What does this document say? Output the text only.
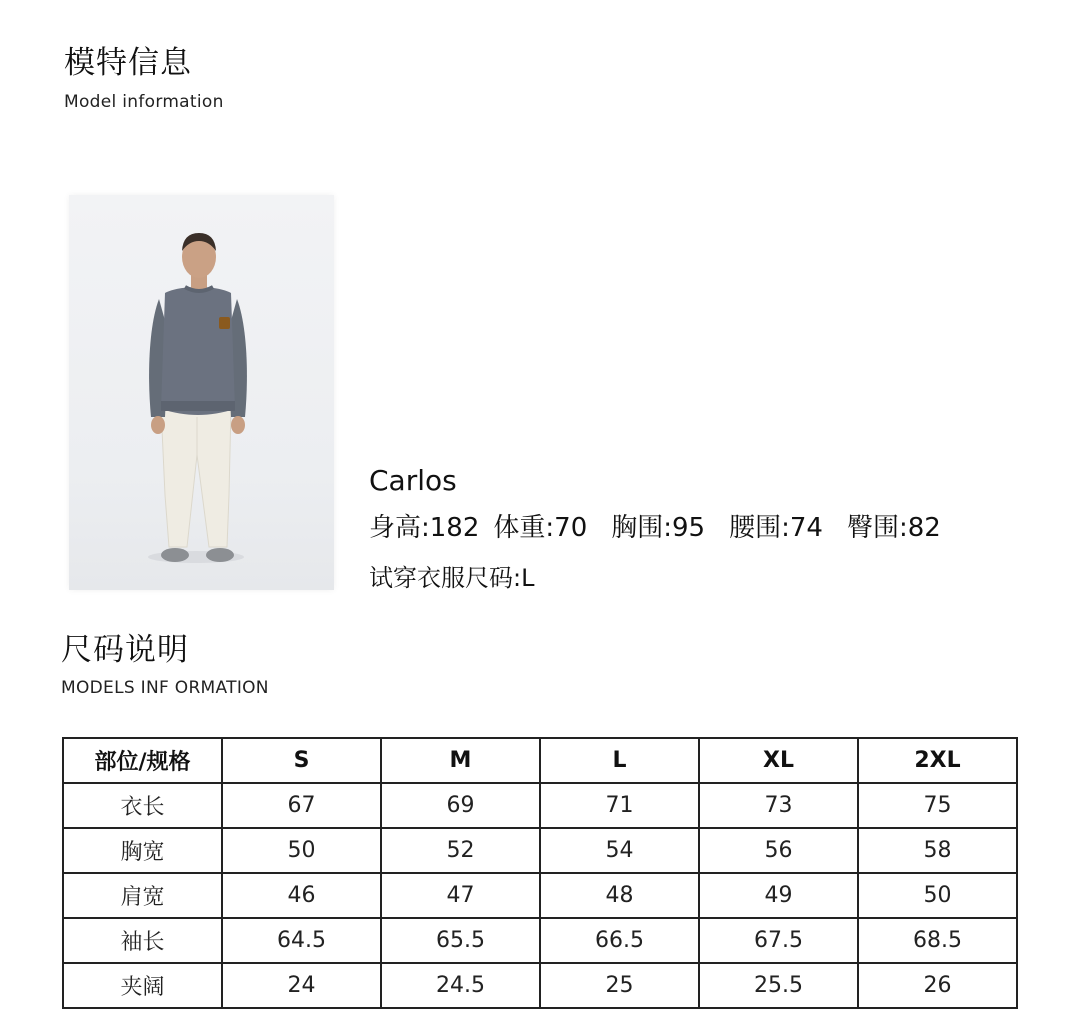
模特信息

Model information

Carlos
身高:182 体重:70 胸围:95 腰围:74 臀围:82
试穿衣服尺码:L
尺码说明

MODELS INF ORMATION

部位/规格	S	M	L	XL	2XL
衣长	67	69	71	73	75
胸宽	50	52	54	56	58
肩宽	46	47	48	49	50
袖长	64.5	65.5	66.5	67.5	68.5
夹阔	24	24.5	25	25.5	26
